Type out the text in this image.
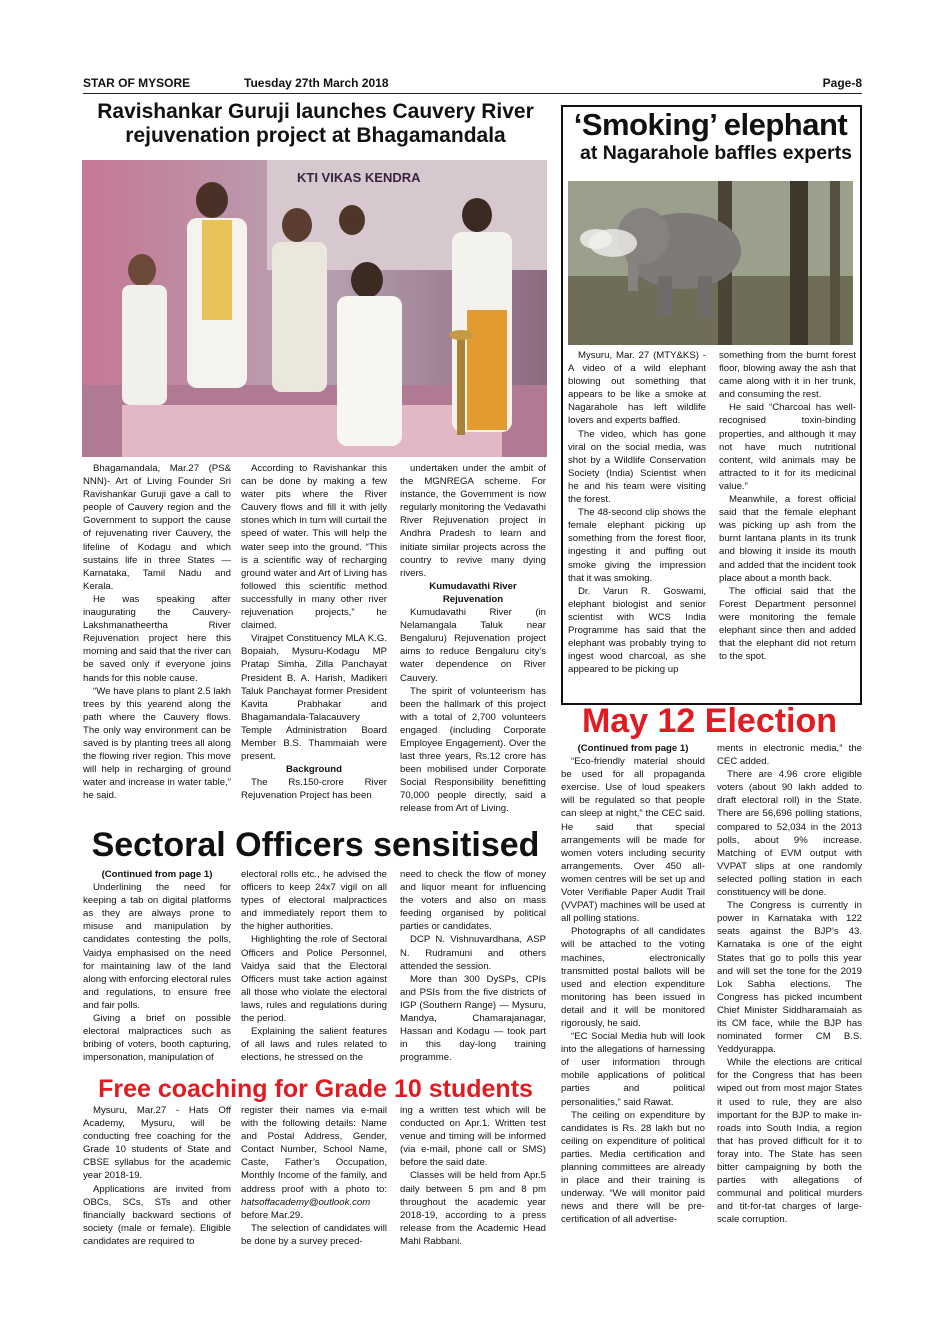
STAR OF MYSORE	Tuesday 27th March 2018	Page-8

Ravishankar Guruji launches Cauvery River

rejuvenation project at Bhagamandala

KTI VIKAS KENDRA

Bhagamandala, Mar.27 (PS& NNN)- Art of Living Founder Sri Ravishankar Guruji gave a call to people of Cauvery region and the Government to support the cause of rejuvenating river Cauvery, the lifeline of Kodagu and which sustains life in three States — Karnataka, Tamil Nadu and Kerala.

He was speaking after inaugurating the Cauvery-Lakshmanatheertha River Rejuvenation project here this morning and said that the river can be saved only if everyone joins hands for this noble cause.

“We have plans to plant 2.5 lakh trees by this yearend along the path where the Cauvery flows. The only way environment can be saved is by planting trees all along the flowing river region. This move will help in recharging of ground water and increase in water table,” he said.

According to Ravishankar this can be done by making a few water pits where the River Cauvery flows and fill it with jelly stones which in turn will curtail the speed of water. This will help the water seep into the ground. “This is a scientific way of recharging ground water and Art of Living has followed this scientific method successfully in many other river rejuvenation projects,” he claimed.

Virajpet Constituency MLA K.G. Bopaiah, Mysuru-Kodagu MP Pratap Simha, Zilla Panchayat President B. A. Harish, Madikeri Taluk Panchayat former President Kavita Prabhakar and Bhagamandala-Talacauvery Temple Administration Board Member B.S. Thammaiah were present.

Background

The Rs.150-crore River Rejuvenation Project has been

undertaken under the ambit of the MGNREGA scheme. For instance, the Government is now regularly monitoring the Vedavathi River Rejuvenation project in Andhra Pradesh to learn and initiate similar projects across the country to revive many dying rivers.

Kumudavathi River
Rejuvenation

Kumudavathi River (in Nelamangala Taluk near Bengaluru) Rejuvenation project aims to reduce Bengaluru city’s water dependence on River Cauvery.

The spirit of volunteerism has been the hallmark of this project with a total of 2,700 volunteers engaged (including Corporate Employee Engagement). Over the last three years, Rs.12 crore has been mobilised under Corporate Social Responsibility benefitting 70,000 people directly, said a release from Art of Living.

‘Smoking’ elephant

at Nagarahole baffles experts

Mysuru, Mar. 27 (MTY&KS) - A video of a wild elephant blowing out something that appears to be like a smoke at Nagarahole has left wildlife lovers and experts baffled.

The video, which has gone viral on the social media, was shot by a Wildlife Conservation Society (India) Scientist when he and his team were visiting the forest.

The 48-second clip shows the female elephant picking up something from the forest floor, ingesting it and puffing out smoke giving the impression that it was smoking.

Dr. Varun R. Goswami, elephant biologist and senior scientist with WCS India Programme has said that the elephant was probably trying to ingest wood charcoal, as she appeared to be picking up

something from the burnt forest floor, blowing away the ash that came along with it in her trunk, and consuming the rest.

He said “Charcoal has well-recognised toxin-binding properties, and although it may not have much nutritional content, wild animals may be attracted to it for its medicinal value.”

Meanwhile, a forest official said that the female elephant was picking up ash from the burnt lantana plants in its trunk and blowing it inside its mouth and added that the incident took place about a month back.

The official said that the Forest Department personnel were monitoring the female elephant since then and added that the elephant did not return to the spot.

Sectoral Officers sensitised

(Continued from page 1)

Underlining the need for keeping a tab on digital platforms as they are always prone to misuse and manipulation by candidates contesting the polls, Vaidya emphasised on the need for maintaining law of the land along with enforcing electoral rules and regulations, to ensure free and fair polls.

Giving a brief on possible electoral malpractices such as bribing of voters, booth capturing, impersonation, manipulation of

electoral rolls etc., he advised the officers to keep 24x7 vigil on all types of electoral malpractices and immediately report them to the higher authorities.

Highlighting the role of Sectoral Officers and Police Personnel, Vaidya said that the Electoral Officers must take action against all those who violate the electoral laws, rules and regulations during the period.

Explaining the salient features of all laws and rules related to elections, he stressed on the

need to check the flow of money and liquor meant for influencing the voters and also on mass feeding organised by political parties or candidates.

DCP N. Vishnuvardhana, ASP N. Rudramuni and others attended the session.

More than 300 DySPs, CPIs and PSIs from the five districts of IGP (Southern Range) — Mysuru, Mandya, Chamarajanagar, Hassan and Kodagu — took part in this day-long training programme.

Free coaching for Grade 10 students

Mysuru, Mar.27 - Hats Off Academy, Mysuru, will be conducting free coaching for the Grade 10 students of State and CBSE syllabus for the academic year 2018-19.

Applications are invited from OBCs, SCs, STs and other financially backward sections of society (male or female). Eligible candidates are required to

register their names via e-mail with the following details: Name and Postal Address, Gender, Contact Number, School Name, Caste, Father’s Occupation, Monthly Income of the family, and address proof with a photo to: hatsoffacademy@outlook.com before Mar.29.

The selection of candidates will be done by a survey preced-

ing a written test which will be conducted on Apr.1. Written test venue and timing will be informed (via e-mail, phone call or SMS) before the said date.

Classes will be held from Apr.5 daily between 5 pm and 8 pm throughout the academic year 2018-19, according to a press release from the Academic Head Mahi Rabbani.

May 12 Election

(Continued from page 1)

“Eco-friendly material should be used for all propaganda exercise. Use of loud speakers will be regulated so that people can sleep at night,” the CEC said. He said that special arrangements will be made for women voters including security arrangements. Over 450 all-women centres will be set up and Voter Verifiable Paper Audit Trail (VVPAT) machines will be used at all polling stations.

Photographs of all candidates will be attached to the voting machines, electronically transmitted postal ballots will be used and election expenditure monitoring has been issued in detail and it will be monitored rigorously, he said.

“EC Social Media hub will look into the allegations of harnessing of user information through mobile applications of political parties and political personalities,” said Rawat.

The ceiling on expenditure by candidates is Rs. 28 lakh but no ceiling on expenditure of political parties. Media certification and planning committees are already in place and their training is underway. “We will monitor paid news and there will be pre-certification of all advertise-

ments in electronic media,” the CEC added.

There are 4.96 crore eligible voters (about 90 lakh added to draft electoral roll) in the State. There are 56,696 polling stations, compared to 52,034 in the 2013 polls, about 9% increase. Matching of EVM output with VVPAT slips at one randomly selected polling station in each constituency will be done.

The Congress is currently in power in Karnataka with 122 seats against the BJP’s 43. Karnataka is one of the eight States that go to polls this year and will set the tone for the 2019 Lok Sabha elections. The Congress has picked incumbent Chief Minister Siddharamaiah as its CM face, while the BJP has nominated former CM B.S. Yeddyurappa.

While the elections are critical for the Congress that has been wiped out from most major States it used to rule, they are also important for the BJP to make in-roads into South India, a region that has proved difficult for it to foray into. The State has seen bitter campaigning by both the parties with allegations of communal and political murders and tit-for-tat charges of large-scale corruption.
